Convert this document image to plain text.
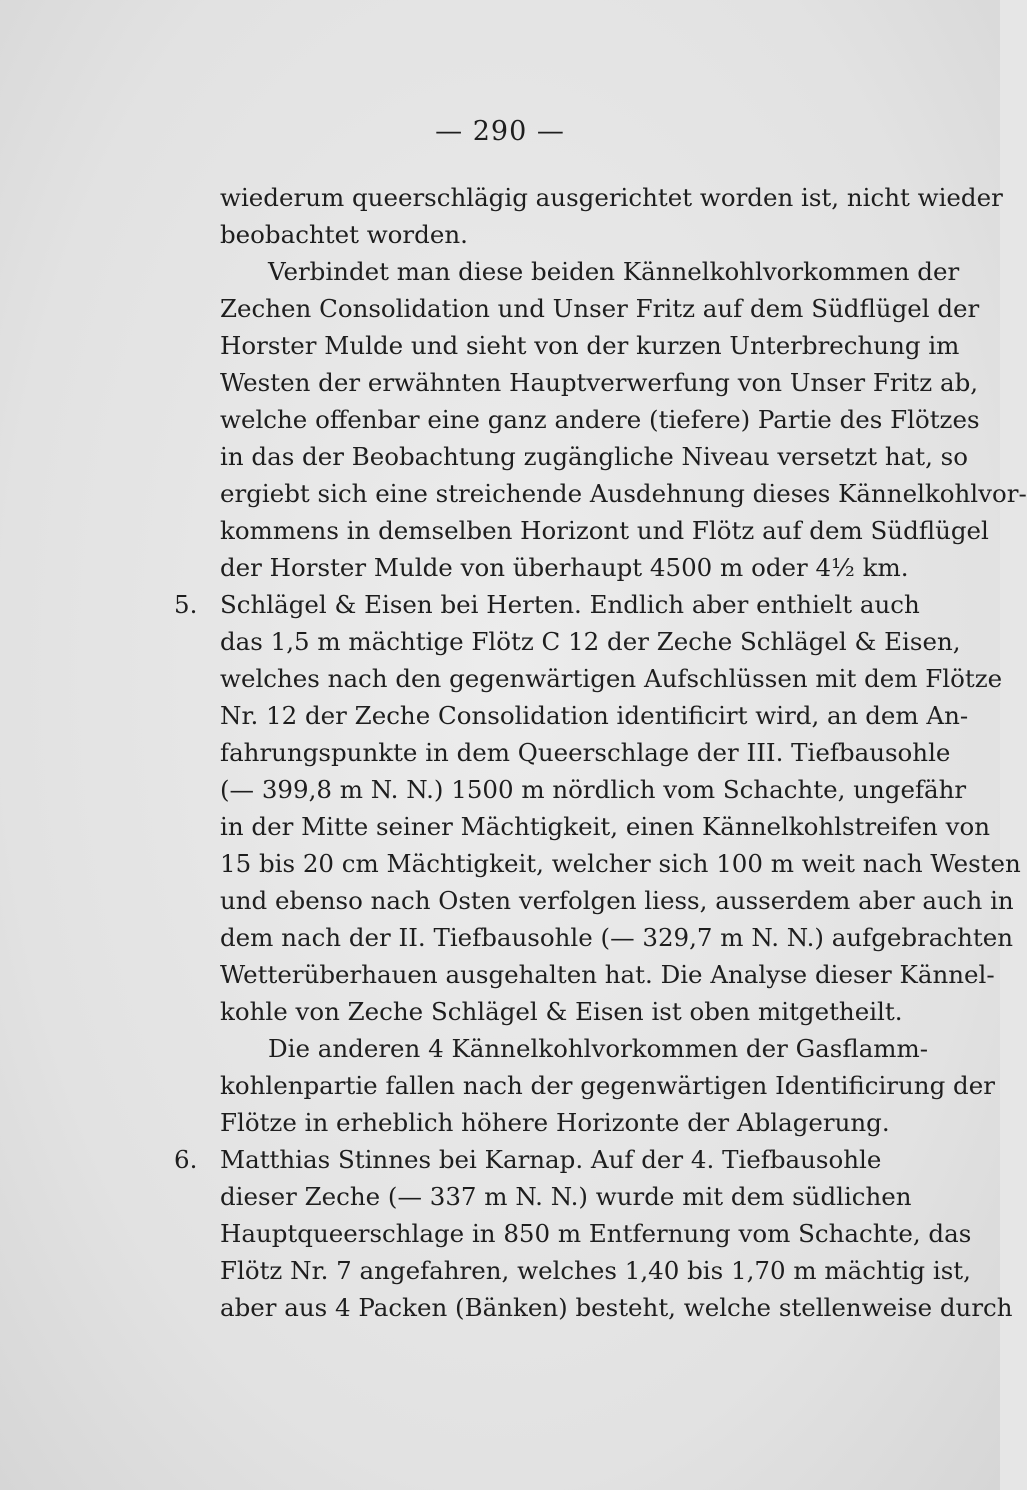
— 290 —
wiederum queerschlägig ausgerichtet worden ist, nicht wieder
beobachtet worden.
Verbindet man diese beiden Kännelkohlvorkommen der
Zechen Consolidation und Unser Fritz auf dem Südflügel der
Horster Mulde und sieht von der kurzen Unterbrechung im
Westen der erwähnten Hauptverwerfung von Unser Fritz ab,
welche offenbar eine ganz andere (tiefere) Partie des Flötzes
in das der Beobachtung zugängliche Niveau versetzt hat, so
ergiebt sich eine streichende Ausdehnung dieses Kännelkohlvor-
kommens in demselben Horizont und Flötz auf dem Südflügel
der Horster Mulde von überhaupt 4500 m oder 4½ km.
5. Schlägel & Eisen bei Herten. Endlich aber enthielt auch
das 1,5 m mächtige Flötz C 12 der Zeche Schlägel & Eisen,
welches nach den gegenwärtigen Aufschlüssen mit dem Flötze
Nr. 12 der Zeche Consolidation identificirt wird, an dem An-
fahrungspunkte in dem Queerschlage der III. Tiefbausohle
(— 399,8 m N. N.) 1500 m nördlich vom Schachte, ungefähr
in der Mitte seiner Mächtigkeit, einen Kännelkohlstreifen von
15 bis 20 cm Mächtigkeit, welcher sich 100 m weit nach Westen
und ebenso nach Osten verfolgen liess, ausserdem aber auch in
dem nach der II. Tiefbausohle (— 329,7 m N. N.) aufgebrachten
Wetterüberhauen ausgehalten hat. Die Analyse dieser Kännel-
kohle von Zeche Schlägel & Eisen ist oben mitgetheilt.
Die anderen 4 Kännelkohlvorkommen der Gasflamm-
kohlenpartie fallen nach der gegenwärtigen Identificirung der
Flötze in erheblich höhere Horizonte der Ablagerung.
6. Matthias Stinnes bei Karnap. Auf der 4. Tiefbausohle
dieser Zeche (— 337 m N. N.) wurde mit dem südlichen
Hauptqueerschlage in 850 m Entfernung vom Schachte, das
Flötz Nr. 7 angefahren, welches 1,40 bis 1,70 m mächtig ist,
aber aus 4 Packen (Bänken) besteht, welche stellenweise durch
